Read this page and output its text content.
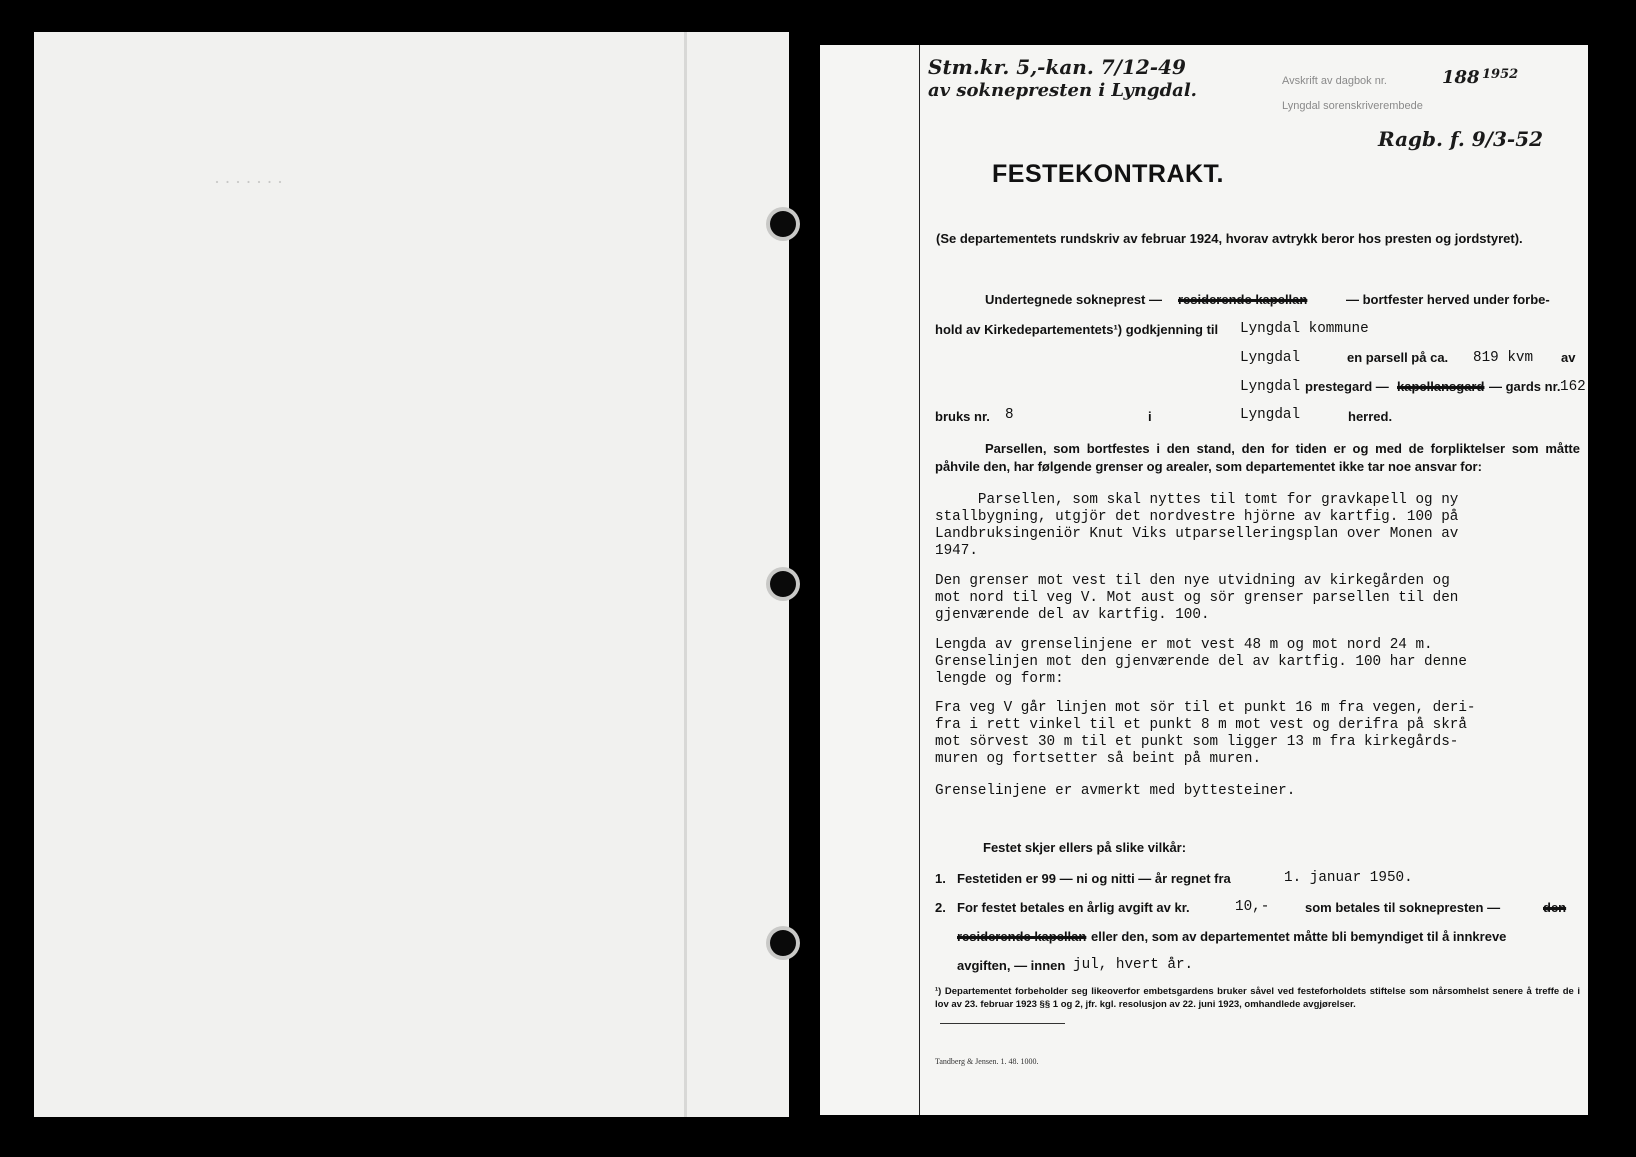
· · · · · · ·
Stm.kr. 5,-kan. 7/12-49
av soknepresten i Lyngdal.	Avskrift av dagbok nr.	188 1952
Lyngdal sorenskriverembede
Ragb. f. 9/3-52
FESTEKONTRAKT.
(Se departementets rundskriv av februar 1924, hvorav avtrykk beror hos presten og jordstyret).
Undertegnede sokneprest — residerende kapellan	— bortfester herved under forbe-
hold av Kirkedepartementets¹) godkjenning til Lyngdal kommune
Lyngdal	en parsell på ca. 819 kvm av
Lyngdal prestegard — kapellansgard — gards nr. 162
bruks nr. 8	i	Lyngdal	herred.
Parsellen, som bortfestes i den stand, den for tiden er og med de forpliktelser som måtte påhvile den, har følgende grenser og arealer, som departementet ikke tar noe ansvar for:
Parsellen, som skal nyttes til tomt for gravkapell og ny
stallbygning, utgjör det nordvestre hjörne av kartfig. 100 på
Landbruksingeniör Knut Viks utparselleringsplan over Monen av
1947.
Den grenser mot vest til den nye utvidning av kirkegården og
mot nord til veg V. Mot aust og sör grenser parsellen til den
gjenværende del av kartfig. 100.
Lengda av grenselinjene er mot vest 48 m og mot nord 24 m.
Grenselinjen mot den gjenværende del av kartfig. 100 har denne
lengde og form:
Fra veg V går linjen mot sör til et punkt 16 m fra vegen, deri-
fra i rett vinkel til et punkt 8 m mot vest og derifra på skrå
mot sörvest 30 m til et punkt som ligger 13 m fra kirkegårds-
muren og fortsetter så beint på muren.
Grenselinjene er avmerkt med byttesteiner.
Festet skjer ellers på slike vilkår:
1. Festetiden er 99 — ni og nitti — år regnet fra	1. januar 1950.
2. For festet betales en årlig avgift av kr.	10,-	som betales til soknepresten —	den
residerende kapellan eller den, som av departementet måtte bli bemyndiget til å innkreve
avgiften, — innen jul, hvert år.
¹) Departementet forbeholder seg likeoverfor embetsgardens bruker såvel ved festeforholdets stiftelse som nårsomhelst senere å treffe de i lov av 23. februar 1923 §§ 1 og 2, jfr. kgl. resolusjon av 22. juni 1923, omhandlede avgjørelser.
Tandberg & Jensen. 1. 48. 1000.
